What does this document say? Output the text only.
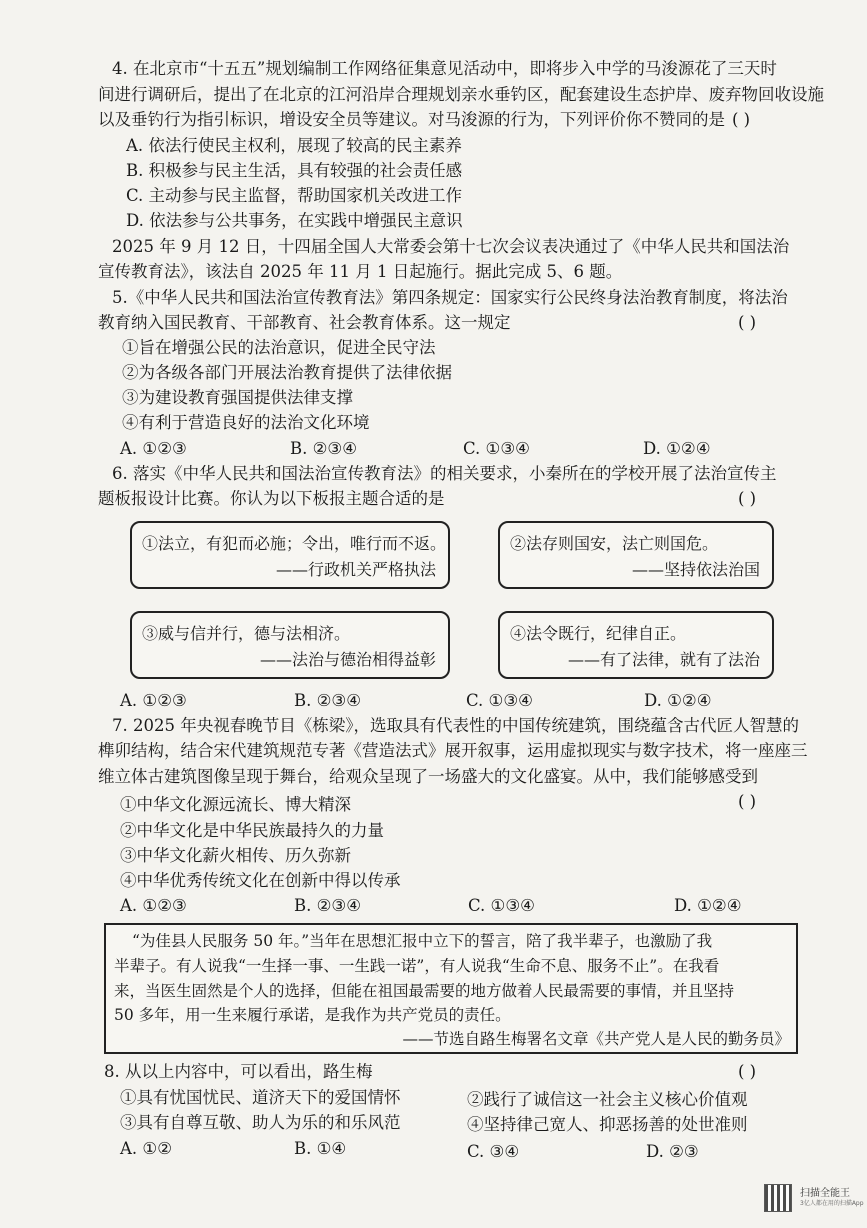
4. 在北京市“十五五”规划编制工作网络征集意见活动中，即将步入中学的马浚源花了三天时
间进行调研后，提出了在北京的江河沿岸合理规划亲水垂钓区，配套建设生态护岸、废弃物回收设施
以及垂钓行为指引标识，增设安全员等建议。对马浚源的行为，下列评价你不赞同的是 ( )
A. 依法行使民主权利，展现了较高的民主素养
B. 积极参与民主生活，具有较强的社会责任感
C. 主动参与民主监督，帮助国家机关改进工作
D. 依法参与公共事务，在实践中增强民主意识
2025 年 9 月 12 日，十四届全国人大常委会第十七次会议表决通过了《中华人民共和国法治
宣传教育法》，该法自 2025 年 11 月 1 日起施行。据此完成 5、6 题。
5.《中华人民共和国法治宣传教育法》第四条规定：国家实行公民终身法治教育制度，将法治
教育纳入国民教育、干部教育、社会教育体系。这一规定	( )
①旨在增强公民的法治意识，促进全民守法
②为各级各部门开展法治教育提供了法律依据
③为建设教育强国提供法律支撑
④有利于营造良好的法治文化环境
A. ①②③	B. ②③④	C. ①③④	D. ①②④
6. 落实《中华人民共和国法治宣传教育法》的相关要求，小秦所在的学校开展了法治宣传主
题板报设计比赛。你认为以下板报主题合适的是	( )
①法立，有犯而必施；令出，唯行而不返。
——行政机关严格执法
②法存则国安，法亡则国危。
——坚持依法治国
③威与信并行，德与法相济。
——法治与德治相得益彰
④法令既行，纪律自正。
——有了法律，就有了法治
A. ①②③	B. ②③④	C. ①③④	D. ①②④
7. 2025 年央视春晚节目《栋梁》，选取具有代表性的中国传统建筑，围绕蕴含古代匠人智慧的
榫卯结构，结合宋代建筑规范专著《营造法式》展开叙事，运用虚拟现实与数字技术，将一座座三
维立体古建筑图像呈现于舞台，给观众呈现了一场盛大的文化盛宴。从中，我们能够感受到
( )
①中华文化源远流长、博大精深
②中华文化是中华民族最持久的力量
③中华文化薪火相传、历久弥新
④中华优秀传统文化在创新中得以传承
A. ①②③	B. ②③④	C. ①③④	D. ①②④
“为佳县人民服务 50 年。”当年在思想汇报中立下的誓言，陪了我半辈子，也激励了我
半辈子。有人说我“一生择一事、一生践一诺”，有人说我“生命不息、服务不止”。在我看
来，当医生固然是个人的选择，但能在祖国最需要的地方做着人民最需要的事情，并且坚持
50 多年，用一生来履行承诺，是我作为共产党员的责任。
——节选自路生梅署名文章《共产党人是人民的勤务员》
8. 从以上内容中，可以看出，路生梅	( )
①具有忧国忧民、道济天下的爱国情怀	②践行了诚信这一社会主义核心价值观
③具有自尊互敬、助人为乐的和乐风范	④坚持律己宽人、抑恶扬善的处世准则
A. ①②	B. ①④	C. ③④	D. ②③
扫描全能王
3亿人都在用的扫描App
